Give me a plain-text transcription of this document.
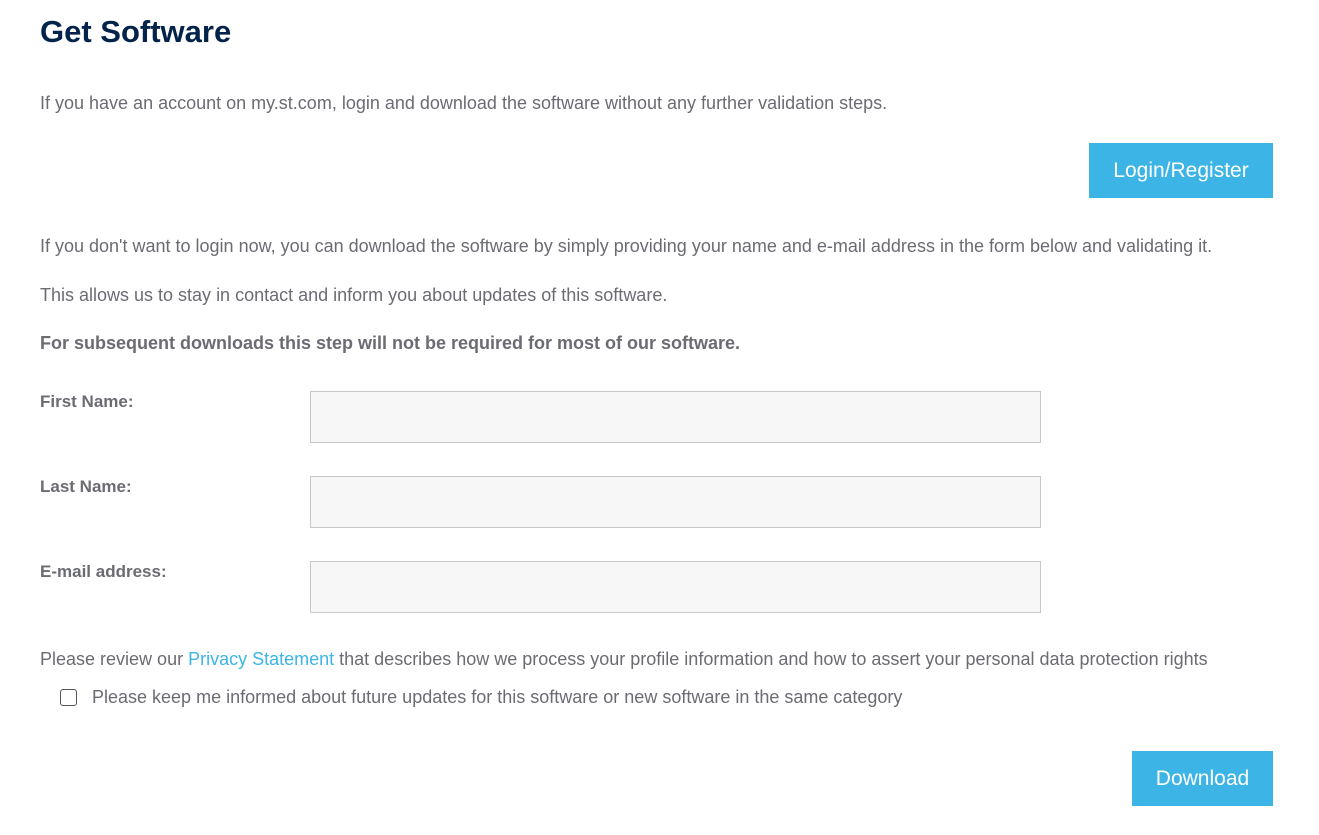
Get Software

If you have an account on my.st.com, login and download the software without any further validation steps.

Login/Register

If you don't want to login now, you can download the software by simply providing your name and e-mail address in the form below and validating it.

This allows us to stay in contact and inform you about updates of this software.

For subsequent downloads this step will not be required for most of our software.

First Name:
Last Name:
E-mail address:

Please review our Privacy Statement that describes how we process your profile information and how to assert your personal data protection rights

Please keep me informed about future updates for this software or new software in the same category
Download
